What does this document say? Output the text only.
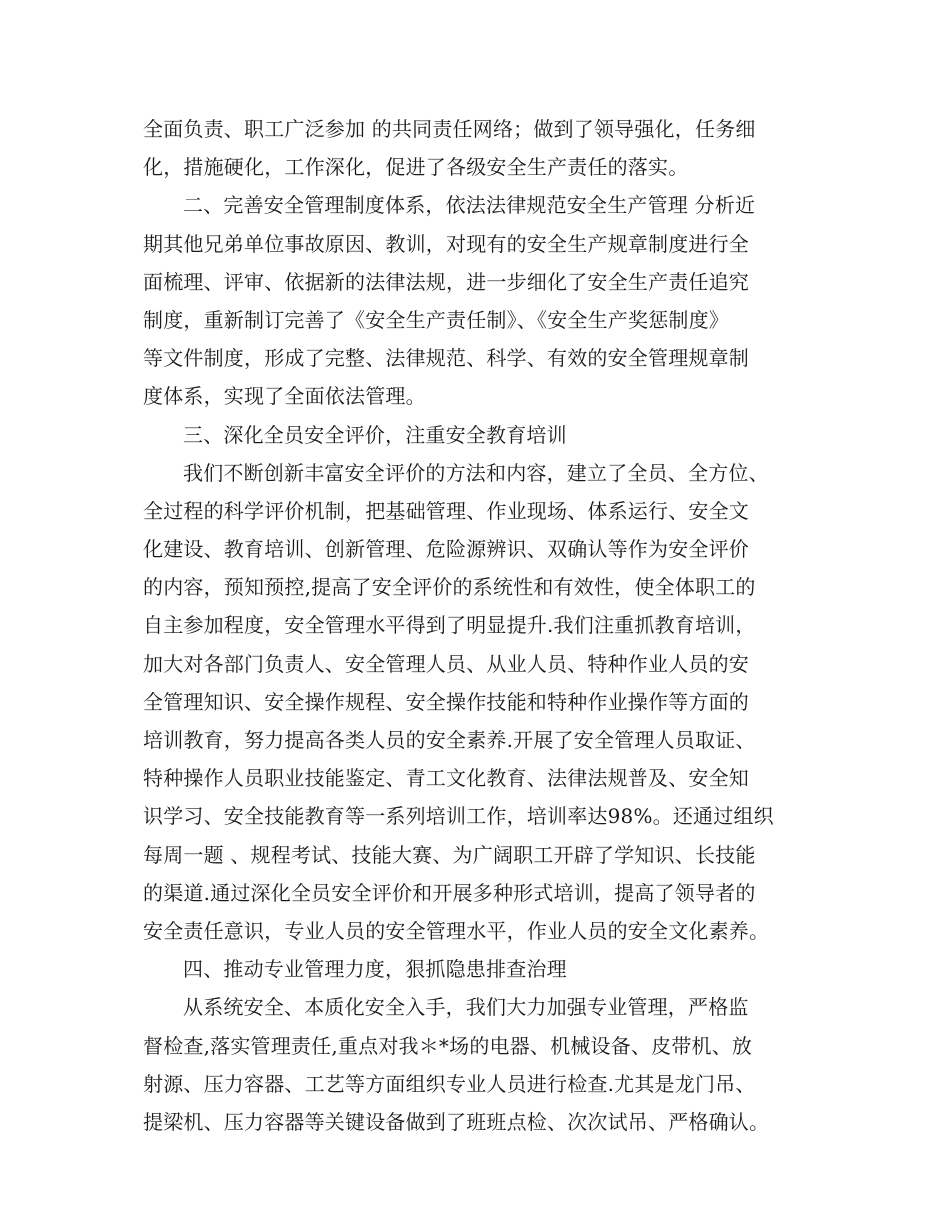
全面负责、职工广泛参加 的共同责任网络；做到了领导强化，任务细
化，措施硬化，工作深化，促进了各级安全生产责任的落实。
二、完善安全管理制度体系，依法法律规范安全生产管理 分析近
期其他兄弟单位事故原因、教训，对现有的安全生产规章制度进行全
面梳理、评审、依据新的法律法规，进一步细化了安全生产责任追究
制度，重新制订完善了《安全生产责任制》、《安全生产奖惩制度》
等文件制度，形成了完整、法律规范、科学、有效的安全管理规章制
度体系，实现了全面依法管理。
三、深化全员安全评价，注重安全教育培训
我们不断创新丰富安全评价的方法和内容，建立了全员、全方位、
全过程的科学评价机制，把基础管理、作业现场、体系运行、安全文
化建设、教育培训、创新管理、危险源辨识、双确认等作为安全评价
的内容，预知预控,提高了安全评价的系统性和有效性，使全体职工的
自主参加程度，安全管理水平得到了明显提升.我们注重抓教育培训，
加大对各部门负责人、安全管理人员、从业人员、特种作业人员的安
全管理知识、安全操作规程、安全操作技能和特种作业操作等方面的
培训教育，努力提高各类人员的安全素养.开展了安全管理人员取证、
特种操作人员职业技能鉴定、青工文化教育、法律法规普及、安全知
识学习、安全技能教育等一系列培训工作，培训率达98%。还通过组织
每周一题 、规程考试、技能大赛、为广阔职工开辟了学知识、长技能
的渠道.通过深化全员安全评价和开展多种形式培训，提高了领导者的
安全责任意识，专业人员的安全管理水平，作业人员的安全文化素养。
四、推动专业管理力度，狠抓隐患排查治理
从系统安全、本质化安全入手，我们大力加强专业管理，严格监
督检查,落实管理责任,重点对我＊*场的电器、机械设备、皮带机、放
射源、压力容器、工艺等方面组织专业人员进行检查.尤其是龙门吊、
提梁机、压力容器等关键设备做到了班班点检、次次试吊、严格确认。
